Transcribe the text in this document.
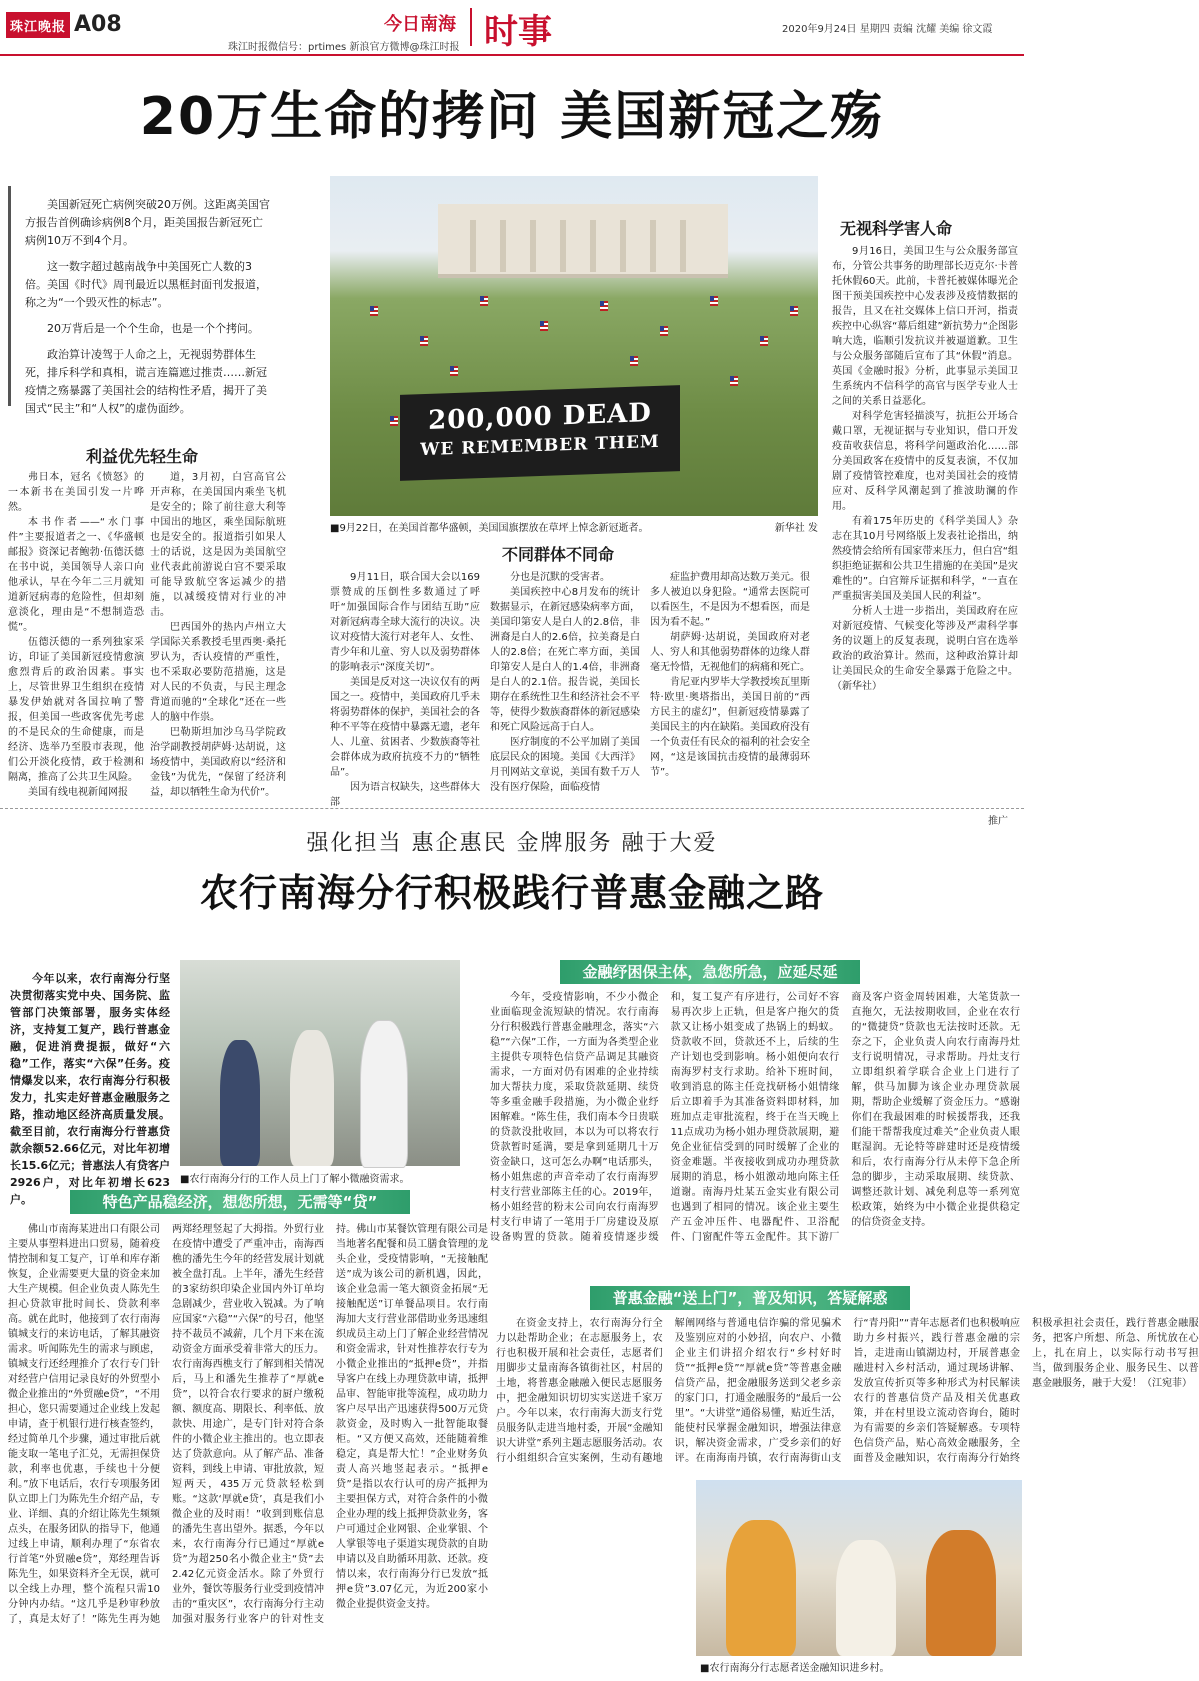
珠江晚报 A08	今日南海 时事
珠江时报微信号：prtimes 新浪官方微博@珠江时报
2020年9月24日 星期四 责编 沈耀 美编 徐文霞
20万生命的拷问 美国新冠之殇

美国新冠死亡病例突破20万例。这距离美国官方报告首例确诊病例8个月，距美国报告新冠死亡病例10万不到4个月。

这一数字超过越南战争中美国死亡人数的3倍。美国《时代》周刊最近以黑框封面刊发报道，称之为“一个毁灭性的标志”。

20万背后是一个个生命，也是一个个拷问。

政治算计凌驾于人命之上，无视弱势群体生死，排斥科学和真相，谎言连篇遮过推责……新冠疫情之殇暴露了美国社会的结构性矛盾，揭开了美国式“民主”和“人权”的虚伪面纱。	200,000 DEAD
WE REMEMBER THEM
■9月22日，在美国首都华盛顿，美国国旗摆放在草坪上悼念新冠逝者。	新华社 发
利益优先轻生命

弗日本，冠名《愤怒》的一本新书在美国引发一片哗然。

本书作者——“水门事件”主要报道者之一、《华盛顿邮报》资深记者鲍勃·伍德沃德在书中说，美国领导人亲口向他承认，早在今年二三月就知道新冠病毒的危险性，但却刻意淡化，理由是“不想制造恐慌”。

伍德沃德的一系列独家采访，印证了美国新冠疫情愈演愈烈背后的政治因素。事实上，尽管世界卫生组织在疫情暴发伊始就对各国拉响了警报，但美国一些政客优先考虑的不是民众的生命健康，而是经济、选举乃至股市表现，他们公开淡化疫情，政于检测和隔离，推高了公共卫生风险。

美国有线电视新闻网报

道，3月初，白宫高官公开声称，在美国国内乘坐飞机是安全的；除了前往意大利等中国出的地区，乘坐国际航班也是安全的。报道指引如果人士的话说，这是因为美国航空业代表此前游说白宫不要采取可能导致航空客运减少的措施，以减缓疫情对行业的冲击。

巴西国外的热内卢州立大学国际关系教授毛里西奥·桑托罗认为，否认疫情的严重性，也不采取必要防范措施，这是对人民的不负责，与民主理念背道而驰的“全球化”还在一些人的脑中作祟。

巴勒斯坦加沙乌马学院政治学副教授胡萨姆·达胡说，这场疫情中，美国政府以“经济和金钱”为优先，“保留了经济利益，却以牺牲生命为代价”。

不同群体不同命

9月11日，联合国大会以169票赞成的压倒性多数通过了呼吁“加强国际合作与团结互助”应对新冠病毒全球大流行的决议。决议对疫情大流行对老年人、女性、青少年和儿童、穷人以及弱势群体的影响表示“深度关切”。

美国是反对这一决议仅有的两国之一。疫情中，美国政府几乎未将弱势群体的保护，美国社会的各种不平等在疫情中暴露无遗，老年人、儿童、贫困者、少数族裔等社会群体成为政府抗疫不力的“牺牲品”。

因为语言权缺失，这些群体大部

分也是沉默的受害者。

美国疾控中心8月发布的统计数据显示，在新冠感染病率方面，美国印第安人是白人的2.8倍，非洲裔是白人的2.6倍，拉美裔是白人的2.8倍；在死亡率方面，美国印第安人是白人的1.4倍，非洲裔是白人的2.1倍。报告说，美国长期存在系统性卫生和经济社会不平等，使得少数族裔群体的新冠感染和死亡风险远高于白人。

医疗制度的不公平加剧了美国底层民众的困境。美国《大西洋》月刊网站文章说，美国有数千万人没有医疗保险，面临疫情

症监护费用却高达数万美元。很多人被迫以身犯险。“通常去医院可以看医生，不是因为不想看医，而是因为看不起。”

胡萨姆·达胡说，美国政府对老人、穷人和其他弱势群体的边缘人群毫无怜惜，无视他们的病痛和死亡。

肯尼亚内罗毕大学教授埃瓦里斯特·欧里·奥塔指出，美国日前的“西方民主的虚幻”，但新冠疫情暴露了美国民主的内在缺陷。美国政府没有一个负责任有民众的福利的社会安全网，“这是该国抗击疫情的最薄弱环节”。

无视科学害人命

9月16日，美国卫生与公众服务部宣布，分管公共事务的助理部长迈克尔·卡普托休假60天。此前，卡普托被媒体曝光企图干预美国疾控中心发表涉及疫情数据的报告，且又在社交媒体上信口开河，指责疾控中心纵容“幕后组建”新抗势力“企图影响大选，临顺引发抗议并被逼道歉。卫生与公众服务部随后宣布了其“休假”消息。英国《金融时报》分析，此事显示美国卫生系统内不信科学的高官与医学专业人士之间的关系日益恶化。

对科学危害轻描淡写，抗拒公开场合戴口罩，无视证据与专业知识，借口开发疫苗收获信息，将科学问题政治化……部分美国政客在疫情中的反复表演，不仅加剧了疫情管控难度，也对美国社会的疫情应对、反科学风潮起到了推波助澜的作用。

有着175年历史的《科学美国人》杂志在其10月号网络版上发表社论指出，纳然疫情会给所有国家带来压力，但白宫“组织拒绝证据和公共卫生措施的在美国”是灾难性的”。白宫辩斥证据和科学，“一直在严重损害美国及美国人民的利益”。

分析人士进一步指出，美国政府在应对新冠疫情、气候变化等涉及严肃科学事务的议题上的反复表现，说明白宫在选举政治的政治算计。然而，这种政治算计却让美国民众的生命安全暴露于危险之中。（新华社）

推广
强化担当 惠企惠民 金牌服务 融于大爱
农行南海分行积极践行普惠金融之路

今年以来，农行南海分行坚决贯彻落实党中央、国务院、监管部门决策部署，服务实体经济，支持复工复产，践行普惠金融，促进消费提振，做好“六稳”工作，落实“六保”任务。疫情爆发以来，农行南海分行积极发力，扎实走好普惠金融服务之路，推动地区经济高质量发展。截至目前，农行南海分行普惠贷款余额52.66亿元，对比年初增长15.6亿元；普惠法人有贷客户2926户，对比年初增长623户。

■农行南海分行的工作人员上门了解小微融资需求。
金融纾困保主体，急您所急，应延尽延

今年，受疫情影响，不少小微企业面临现金流短缺的情况。农行南海分行积极践行普惠金融理念，落实“六稳”“六保”工作，一方面为各类型企业主提供专项特色信贷产品调足其融资需求，一方面对仍有困难的企业持续加大帮扶力度，采取贷款延期、续贷等多重金融手段措施，为小微企业纾困解难。“陈生佳，我们南本今日贵联的贷款没批收回，本以为可以将农行贷款暂时延满，要是拿到延期几十万资金缺口，这可怎么办啊”电话那头，杨小姐焦虑的声音牵动了农行南海罗村支行营业部陈主任的心。2019年，杨小姐经营的粉末公司向农行南海罗村支行申请了一笔用于厂房建设及原设备购置的贷款。随着疫情逐步缓和，复工复产有序进行，公司好不容易再次步上正轨，但是客户拖欠的货款又让杨小姐变成了热锅上的蚂蚁。贷款收不回，贷款还不上，后续的生产计划也受到影响。杨小姐便向农行南海罗村支行求助。给补下班时间，收到消息的陈主任竞找研杨小姐情缘后立即着手为其准备资料即材料，加班加点走审批流程，终于在当天晚上11点成功为杨小姐办理贷款展期，避免企业征信受到的同时缓解了企业的资金难题。半夜接收到成功办理贷款展期的消息，杨小姐激动地向陈主任道谢。南海丹灶某五金实业有限公司也遇到了相同的情况。该企业主要生产五金冲压件、电器配件、卫浴配件、门窗配件等五金配件。其下游厂商及客户资金周转困难，大笔货款一直拖欠，无法按期收回，企业在农行的“微捷贷”贷款也无法按时还款。无奈之下，企业负责人向农行南海丹灶支行说明情况，寻求帮助。丹灶支行立即组织着学联合企业上门进行了解，供马加脚为该企业办理贷款展期，帮助企业缓解了资金压力。“感谢你们在我最困难的时候援帮我，还我们能干帮帮我度过难关”企业负责人眼眶湿润。无论特等辟建时还是疫情缓和后，农行南海分行从未停下急企所急的脚步，主动采取展期、续贷款、调整还款计划、减免利息等一系列宽松政策，始终为中小微企业提供稳定的信贷资金支持。

特色产品稳经济，想您所想，无需等“贷”

佛山市南海某进出口有限公司主要从事塑料进出口贸易，随着疫情控制和复工复产，订单和库存渐恢复，企业需要更大量的资金来加大生产规模。但企业负责人陈先生担心贷款审批时间长、贷款利率高。就在此时，他接到了农行南海镇城支行的来访电话，了解其融资需求。听闻陈先生的需求与顾虑，镇城支行还经理推介了农行专门针对经营户信用记录良好的外贸型小微企业推出的“外贸融e贷”，“不用担心，您只需要通过企业线上发起申请，查于机银行进行核查签约，经过简单几个步骤，通过审批后就能支取一笔电子汇兑，无需担保贷款，利率也优惠，手续也十分便利。”放下电话后，农行专项服务团队立即上门为陈先生介绍产品，专业、详细、真的介绍让陈先生频频点头，在服务团队的指导下，他通过线上申请，顺利办理了“东省农行首笔“外贸融e贷”，郑经理告诉陈先生，如果资料齐全无误，就可以全线上办理，整个流程只需10分钟内办结。“这几乎是秒审秒放了，真是太好了！”陈先生再为她两郑经理竖起了大拇指。外贸行业在疫情中遭受了严重冲击，南海西樵的潘先生今年的经营发展计划就被全盘打乱。上半年，潘先生经营的3家纺织印染企业国内外订单均急剧减少，营业收入锐减。为了响应国家“六稳”“六保”的号召，他坚持不裁员不减薪，几个月下来在流动资金方面承受着非常大的压力。农行南海西樵支行了解到相关情况后，马上和潘先生推荐了“厚就e贷”，以符合农行要求的厨户缴税额、额度高、期限长、利率低、放款快、用途广，是专门针对符合条件的小微企业主推出的。也立即表达了贷款意向。从了解产品、准备资料，到线上申请、审批放款，短短两天，435万元贷款轻松到账。“这款‘厚就e贷’，真是我们小微企业的及时雨！”收到到账信息的潘先生喜出望外。据悉，今年以来，农行南海分行已通过“厚就e贷”为超250名小微企业主“贷”去2.42亿元资金活水。除了外贸行业外，餐饮等服务行业受到疫情冲击的“重灾区”，农行南海分行主动加强对服务行业客户的针对性支持。佛山市某餐饮管理有限公司是当地著名配餐和员工膳食管理的龙头企业，受疫情影响，“无接触配送”成为该公司的新机遇，因此，该企业急需一笔大额资金拓展“无接触配送”订单餐品项目。农行南海加大支行营业部借助业务迅速组织成员主动上门了解企业经营情况和资金需求，针对性推荐农行专为小微企业推出的“抵押e贷”，并指导客户在线上办理贷款申请，抵押品审、智能审批等流程，成功助力客户尽早出产迅速获得500万元贷款资金，及时购入一批智能取餐柜。“又方便又高效，还能随着维稳定，真是帮大忙！”企业财务负责人高兴地竖起表示。“抵押e贷”是指以农行认可的房产抵押为主要担保方式，对符合条件的小微企业办理的线上抵押贷款业务，客户可通过企业网银、企业掌银、个人掌银等电子渠道实现贷款的自助申请以及自助循环用款、还款。疫情以来，农行南海分行已发放“抵押e贷”3.07亿元，为近200家小微企业提供资金支持。

普惠金融“送上门”，普及知识，答疑解惑

在资金支持上，农行南海分行全力以赴帮助企业；在志愿服务上，农行也积极开展和社会责任，志愿者们用脚步丈量南海各镇街社区，村居的土地，将普惠金融融入便民志愿服务中，把金融知识切切实实送进千家万户。今年以来，农行南海大沥支行党员服务队走进当地村委，开展“金融知识大讲堂”系列主题志愿服务活动。农行小组组织合宣实案例，生动有趣地解阐网络与普通电信诈骗的常见骗术及鉴别应对的小妙招，向农户、小微企业主们讲招介绍农行“乡村好时贷”“抵押e贷”“厚就e贷”等普惠金融信贷产品，把金融服务送到父老乡亲的家门口，打通金融服务的“最后一公里”。“大讲堂”通俗易懂，贴近生活，能使村民掌握金融知识，增强法律意识，解决资金需求，广受乡亲们的好评。在南海南丹镇，农行南海街山支行“青丹阳”“青年志愿者们也积极响应助力乡村振兴，践行普惠金融的宗旨，走进南山镇湖边村，开展普惠金融进村入乡村活动，通过现场讲解、发放宣传折页等多种形式为村民解读农行的普惠信贷产品及相关优惠政策，并在村里设立流动咨询台，随时为有需要的乡亲们答疑解惑。专项特色信贷产品，贴心高效金融服务，全面普及金融知识，农行南海分行始终积极承担社会责任，践行普惠金融服务，把客户所想、所急、所忧放在心上，扎在肩上，以实际行动书写担当，做到服务企业、服务民生、以普惠金融服务，融于大爱！（江宛菲）

■农行南海分行志愿者送金融知识进乡村。
